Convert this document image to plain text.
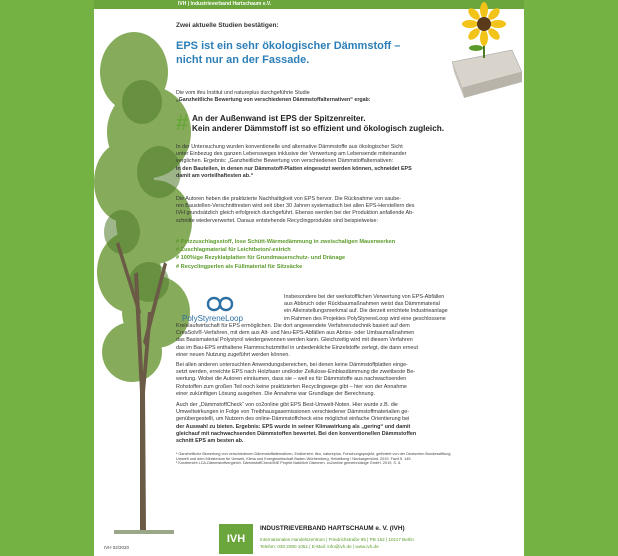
IVH | Industrieverband Hartschaum e.V.
Zwei aktuelle Studien bestätigen:
EPS ist ein sehr ökologischer Dämmstoff –
nicht nur an der Fassade.
Die vom ifeu Institut und natureplus durchgeführte Studie
„Ganzheitliche Bewertung von verschiedenen Dämmstoffalternativen“ ergab:
# An der Außenwand ist EPS der Spitzenreiter.
Kein anderer Dämmstoff ist so effizient und ökologisch zugleich.
In der Untersuchung wurden konventionelle und alternative Dämmstoffe aus ökologischer Sicht
unter Einbezug des ganzen Lebensweges inklusive der Verwertung am Lebensende miteinander
verglichen. Ergebnis: „Ganzheitliche Bewertung von verschiedenen Dämmstoffalternativen:
In den Bauteilen, in denen nur Dämmstoff-Platten eingesetzt werden können, schneidet EPS
damit am vorteilhaftesten ab.“
Die Autoren heben die praktizierte Nachhaltigkeit von EPS hervor. Die Rücknahme von saube-
ren Baustellen-Verschnittresten wird seit über 30 Jahren systematisch bei allen EPS-Herstellern des
IVH grundsätzlich gleich erfolgreich durchgeführt. Ebenso werden bei der Produktion anfallende Ab-
schnitte wiederverwertet. Daraus entstehende Recyclingprodukte sind beispielweise:
# Putzzuschlagsstoff, lose Schütt-Wärmedämmung in zweischaligen Mauerwerken
# Zuschlagmaterial für Leichtbeton/-estrich
# 100%ige Rezyklatplatten für Grundmauerschutz- und Dränage
# Recyclingperlen als Füllmaterial für Sitzsäcke
Insbesondere bei der werkstofflichen Verwertung von EPS-Abfällen
aus Abbruch oder Rückbaumaßnahmen weist das Dämmmaterial
ein Alleinstellungsmerkmal auf. Die derzeit errichtete Industrieanlage
im Rahmen des Projektes PolyStyreneLoop wird eine geschlossene
Kreislaufwirtschaft für EPS ermöglichen. Die dort angewendete Verfahrenstechnik basiert auf dem
CreaSolv®-Verfahren, mit dem aus Alt- und Neu-EPS-Abfällen aus Abriss- oder Umbaumaßnahmen
das Basismaterial Polystyrol wiedergewonnen werden kann. Gleichzeitig wird mit diesem Verfahren
das im Bau-EPS enthaltene Flammschutzmittel in unbedenkliche Einzelstoffe zerlegt, die dann erneut
einer neuen Nutzung zugeführt werden können.
Bei allen anderen untersuchten Anwendungsbereichen, bei denen keine Dämmstoffplatten einge-
setzt werden, erreichte EPS nach Holzfaser und/oder Zellulose-Einblasdämmung die zweitbeste Be-
wertung. Wobei die Autoren einräumen, dass sie – weil es für Dämmstoffe aus nachwachsenden
Rohstoffen zum großen Teil noch keine praktizierten Recyclingwege gibt – hier von der Annahme
einer zukünftigen Lösung ausgehen. Die Annahme war Grundlage der Berechnung.
Auch der „DämmstoffCheck“ von co2online gibt EPS Best-Umwelt-Noten. Hier wurde z.B. die
Umweltwirkungen in Folge von Treibhausgasemissionen verschiedener Dämmstoffmaterialien ge-
genübergestellt, um Nutzern des online-Dämmstoffcheck eine möglichst einfache Orientierung bei
der Auswahl zu bieten. Ergebnis: EPS wurde in seiner Klimawirkung als „gering“ und damit
gleichauf mit nachwachsenden Dämmstoffen bewertet. Bei den konventionellen Dämmstoffen
schnitt EPS am besten ab.
¹ Ganzheitliche Bewertung von verschiedenen Dämmstoffalternativen. Endbericht. ifeu, natureplus, Forschungsprojekt, gefördert von der Deutschen Bundesstiftung
Umwelt und dem Ministerium für Umwelt, Klima und Energiewirtschaft Baden-Württemberg, Heidelberg / Neckargemünd, 2019. Fazit 5. 145.
² Kurzbericht LCA-Dämmstoffvergleich. DämmstoffCheck/INE Projekt Natürlich Dämmen, co2online gemeinnützige GmbH, 2019, S. 6.
PolyStyreneLoop
IVH
INDUSTRIEVERBAND HARTSCHAUM e. V. (IVH)
Internationales Handelszentrum | Friedrichstraße 95 | PB 152 | 10117 Berlin
Telefon: 030 2090 1051 | E-Mail: info@ivh.de | www.ivh.de
IVH 02/2020
